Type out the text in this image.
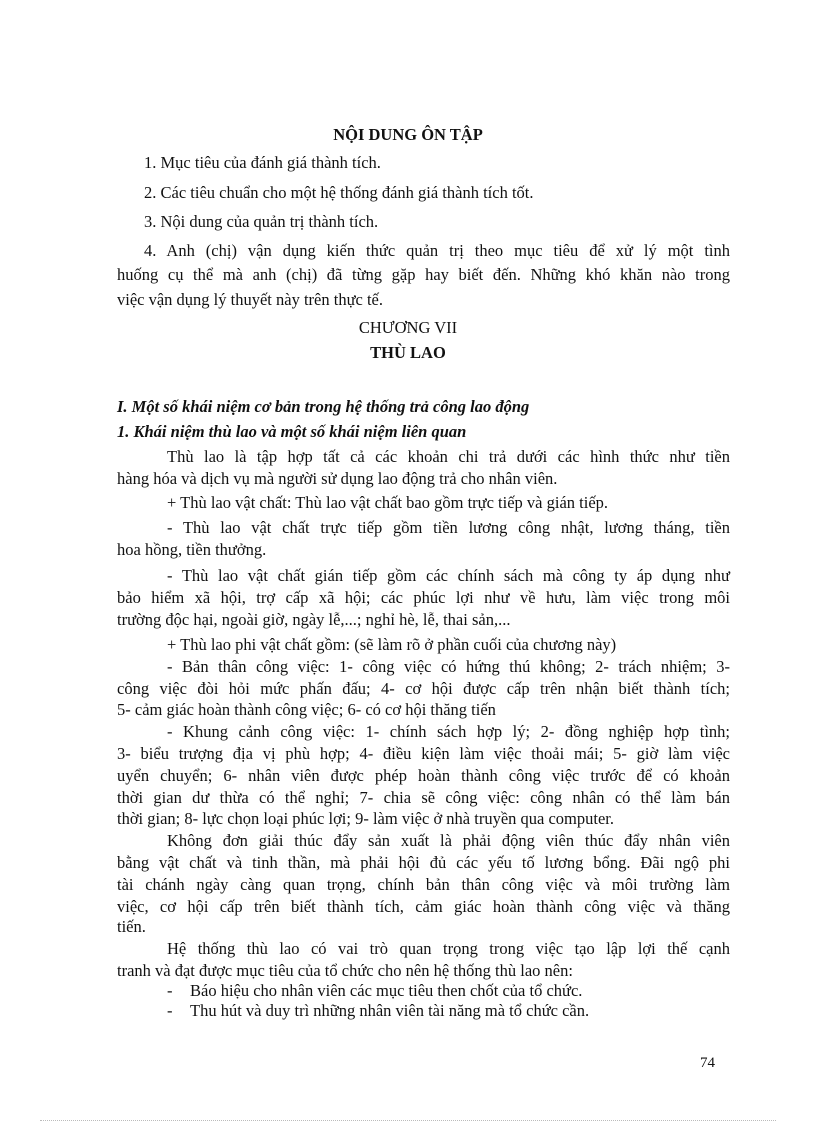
NỘI DUNG ÔN TẬP

1. Mục tiêu của đánh giá thành tích.

2. Các tiêu chuẩn cho một hệ thống đánh giá thành tích tốt.

3. Nội dung của quản trị thành tích.

4. Anh (chị) vận dụng kiến thức quản trị theo mục tiêu để xử lý một tình

huống cụ thể mà anh (chị) đã từng gặp hay biết đến. Những khó khăn nào trong

việc vận dụng lý thuyết này trên thực tế.

CHƯƠNG VII

THÙ LAO

I. Một số khái niệm cơ bản trong hệ thống trả công lao động

1. Khái niệm thù lao và một số khái niệm liên quan

Thù lao là tập hợp tất cả các khoản chi trả dưới các hình thức như tiền

hàng hóa và dịch vụ mà người sử dụng lao động trả cho nhân viên.

+ Thù lao vật chất: Thù lao vật chất bao gồm trực tiếp và gián tiếp.

- Thù lao vật chất trực tiếp gồm tiền lương công nhật, lương tháng, tiền

hoa hồng, tiền thưởng.

- Thù lao vật chất gián tiếp gồm các chính sách mà công ty áp dụng như

bảo hiểm xã hội, trợ cấp xã hội; các phúc lợi như về hưu, làm việc trong môi

trường độc hại, ngoài giờ, ngày lễ,...; nghỉ hè, lễ, thai sản,...

+ Thù lao phi vật chất gồm: (sẽ làm rõ ở phần cuối của chương này)

- Bản thân công việc: 1- công việc có hứng thú không; 2- trách nhiệm; 3-

công việc đòi hỏi mức phấn đấu; 4- cơ hội được cấp trên nhận biết thành tích;

5- cảm giác hoàn thành công việc; 6- có cơ hội thăng tiến

- Khung cảnh công việc: 1- chính sách hợp lý; 2- đồng nghiệp hợp tình;

3- biểu trượng địa vị phù hợp; 4- điều kiện làm việc thoải mái; 5- giờ làm việc

uyển chuyển; 6- nhân viên được phép hoàn thành công việc trước để có khoản

thời gian dư thừa có thể nghỉ; 7- chia sẽ công việc: công nhân có thể làm bán

thời gian; 8- lực chọn loại phúc lợi; 9- làm việc ở nhà truyền qua computer.

Không đơn giải thúc đẩy sản xuất là phải động viên thúc đẩy nhân viên

bằng vật chất và tinh thần, mà phải hội đủ các yếu tố lương bổng. Đãi ngộ phi

tài chánh ngày càng quan trọng, chính bản thân công việc và môi trường làm

việc, cơ hội cấp trên biết thành tích, cảm giác hoàn thành công việc và thăng

tiến.

Hệ thống thù lao có vai trò quan trọng trong việc tạo lập lợi thế cạnh

tranh và đạt được mục tiêu của tổ chức cho nên hệ thống thù lao nên:

- Báo hiệu cho nhân viên các mục tiêu then chốt của tổ chức.

- Thu hút và duy trì những nhân viên tài năng mà tổ chức cần.

74
